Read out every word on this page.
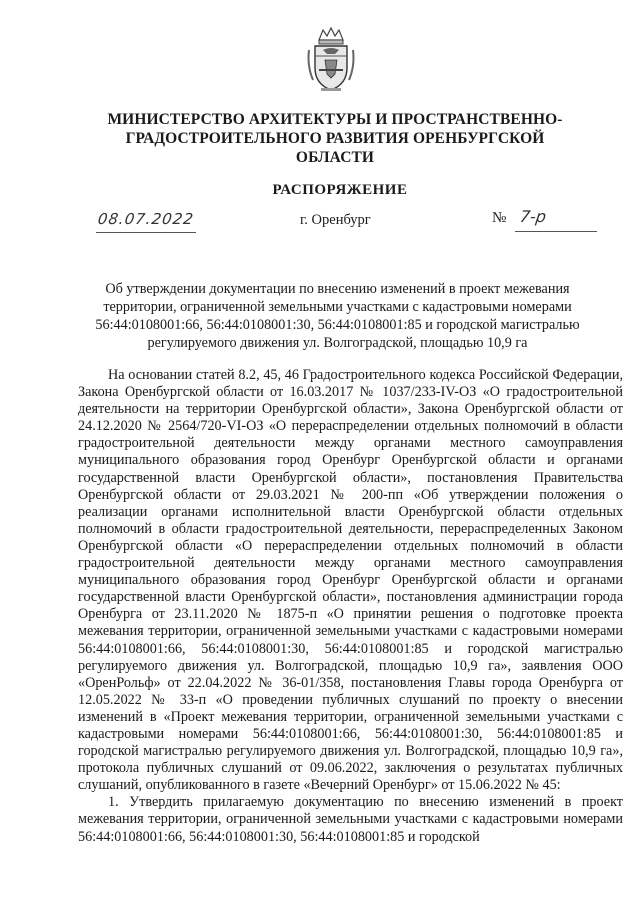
МИНИСТЕРСТВО АРХИТЕКТУРЫ И ПРОСТРАНСТВЕННО-
ГРАДОСТРОИТЕЛЬНОГО РАЗВИТИЯ ОРЕНБУРГСКОЙ ОБЛАСТИ
РАСПОРЯЖЕНИЕ
08.07.2022	г. Оренбург	№ 7-р
Об утверждении документации по внесению изменений в проект межевания
территории, ограниченной земельными участками с кадастровыми номерами
56:44:0108001:66, 56:44:0108001:30, 56:44:0108001:85 и городской магистралью
регулируемого движения ул. Волгоградской, площадью 10,9 га

На основании статей 8.2, 45, 46 Градостроительного кодекса Российской Федерации, Закона Оренбургской области от 16.03.2017 № 1037/233-IV-ОЗ «О градостроительной деятельности на территории Оренбургской области», Закона Оренбургской области от 24.12.2020 № 2564/720-VI-ОЗ «О перераспределении отдельных полномочий в области градостроительной деятельности между органами местного самоуправления муниципального образования город Оренбург Оренбургской области и органами государственной власти Оренбургской области», постановления Правительства Оренбургской области от 29.03.2021 № 200-пп «Об утверждении положения о реализации органами исполнительной власти Оренбургской области отдельных полномочий в области градостроительной деятельности, перераспределенных Законом Оренбургской области «О перераспределении отдельных полномочий в области градостроительной деятельности между органами местного самоуправления муниципального образования город Оренбург Оренбургской области и органами государственной власти Оренбургской области», постановления администрации города Оренбурга от 23.11.2020 № 1875-п «О принятии решения о подготовке проекта межевания территории, ограниченной земельными участками с кадастровыми номерами 56:44:0108001:66, 56:44:0108001:30, 56:44:0108001:85 и городской магистралью регулируемого движения ул. Волгоградской, площадью 10,9 га», заявления ООО «ОренРольф» от 22.04.2022 № 36-01/358, постановления Главы города Оренбурга от 12.05.2022 № 33-п «О проведении публичных слушаний по проекту о внесении изменений в «Проект межевания территории, ограниченной земельными участками с кадастровыми номерами 56:44:0108001:66, 56:44:0108001:30, 56:44:0108001:85 и городской магистралью регулируемого движения ул. Волгоградской, площадью 10,9 га», протокола публичных слушаний от 09.06.2022, заключения о результатах публичных слушаний, опубликованного в газете «Вечерний Оренбург» от 15.06.2022 № 45:

1. Утвердить прилагаемую документацию по внесению изменений в проект межевания территории, ограниченной земельными участками с кадастровыми номерами 56:44:0108001:66, 56:44:0108001:30, 56:44:0108001:85 и городской
